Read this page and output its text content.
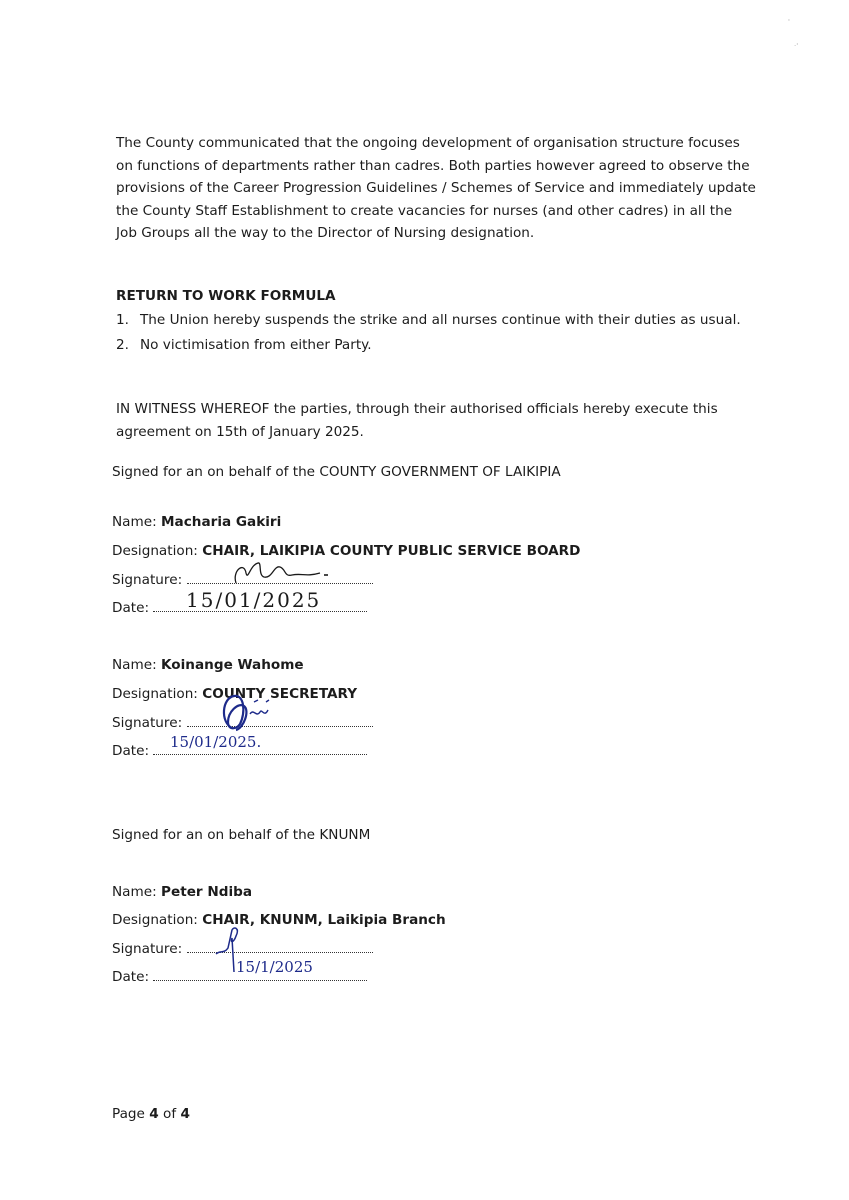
'
·'

The County communicated that the ongoing development of organisation structure focuses on functions of departments rather than cadres. Both parties however agreed to observe the provisions of the Career Progression Guidelines / Schemes of Service and immediately update the County Staff Establishment to create vacancies for nurses (and other cadres) in all the Job Groups all the way to the Director of Nursing designation.

RETURN TO WORK FORMULA

1. The Union hereby suspends the strike and all nurses continue with their duties as usual.
2. No victimisation from either Party.

IN WITNESS WHEREOF the parties, through their authorised officials hereby execute this agreement on 15th of January 2025.

Signed for an on behalf of the COUNTY GOVERNMENT OF LAIKIPIA
Name: Macharia Gakiri
Designation: CHAIR, LAIKIPIA COUNTY PUBLIC SERVICE BOARD
Signature:
Date:	15/01/2025
Name: Koinange Wahome
Designation: COUNTY SECRETARY
Signature:
Date:	15/01/2025.
Signed for an on behalf of the KNUNM
Name: Peter Ndiba
Designation: CHAIR, KNUNM, Laikipia Branch
Signature:
Date:
15/1/2025
Page 4 of 4
